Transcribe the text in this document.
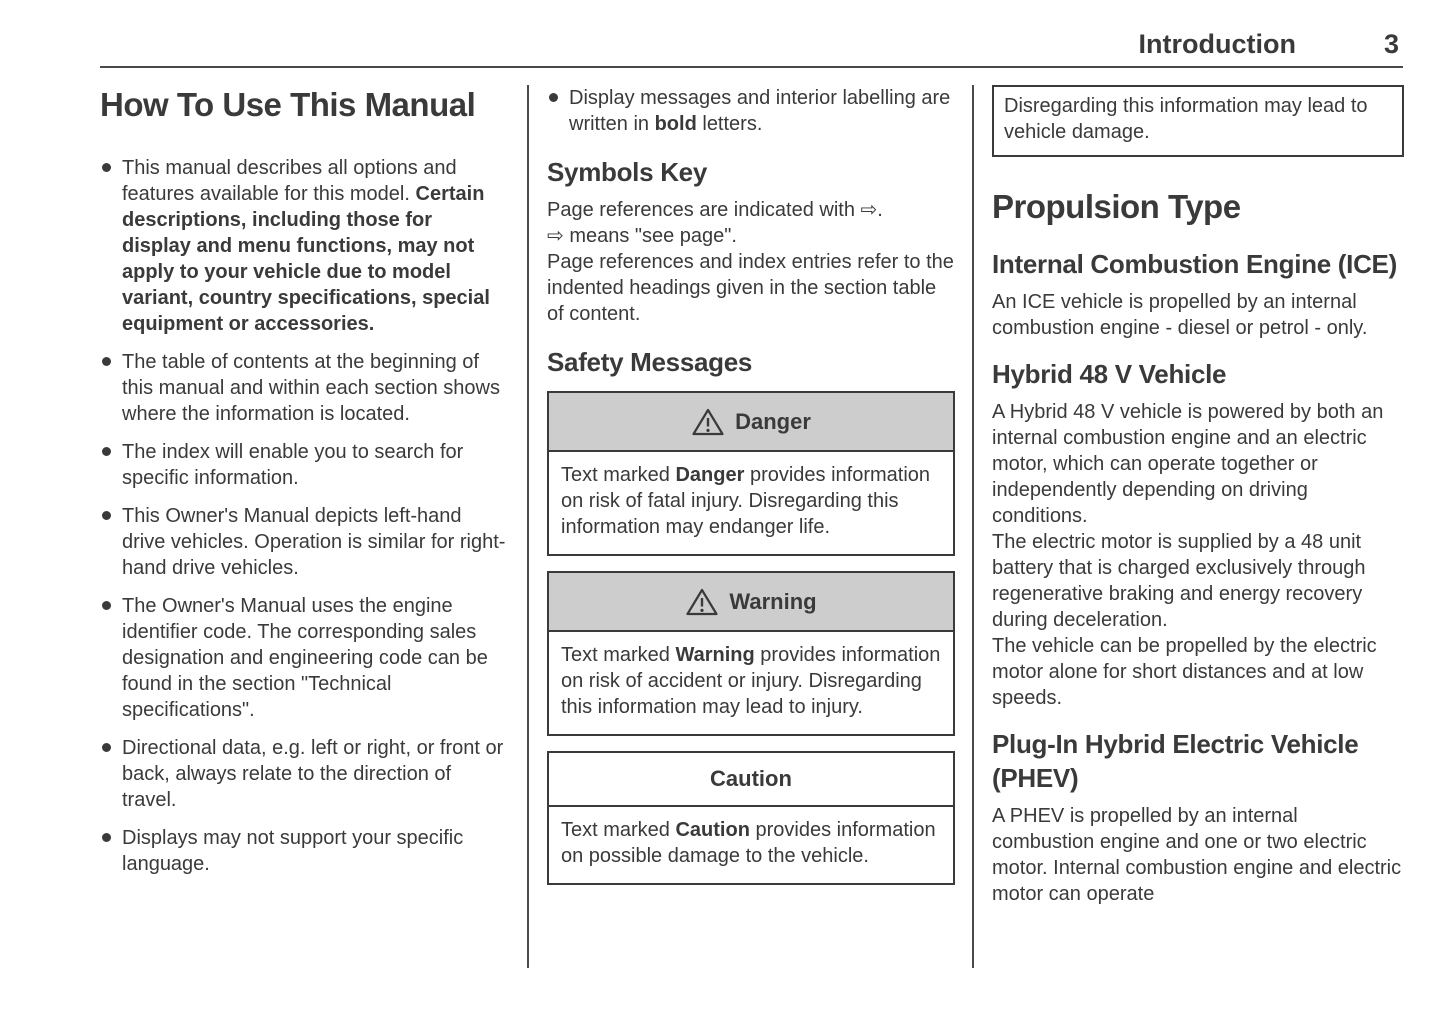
Introduction	3
How To Use This Manual
This manual describes all options and features available for this model. Certain descriptions, including those for display and menu functions, may not apply to your vehicle due to model variant, country specifications, special equipment or accessories.
The table of contents at the beginning of this manual and within each section shows where the information is located.
The index will enable you to search for specific information.
This Owner's Manual depicts left-hand drive vehicles. Operation is similar for right-hand drive vehicles.
The Owner's Manual uses the engine identifier code. The corresponding sales designation and engineering code can be found in the section "Technical specifications".
Directional data, e.g. left or right, or front or back, always relate to the direction of travel.
Displays may not support your specific language.
Display messages and interior labelling are written in bold letters.
Symbols Key

Page references are indicated with ⇨.

⇨ means "see page".

Page references and index entries refer to the indented headings given in the section table of content.

Safety Messages
Danger
Text marked Danger provides information on risk of fatal injury. Disregarding this information may endanger life.
Warning
Text marked Warning provides information on risk of accident or injury. Disregarding this information may lead to injury.
Caution
Text marked Caution provides information on possible damage to the vehicle.
Disregarding this information may lead to vehicle damage.
Propulsion Type
Internal Combustion Engine (ICE)

An ICE vehicle is propelled by an internal combustion engine - diesel or petrol - only.

Hybrid 48 V Vehicle

A Hybrid 48 V vehicle is powered by both an internal combustion engine and an electric motor, which can operate together or independently depending on driving conditions.

The electric motor is supplied by a 48 unit battery that is charged exclusively through regenerative braking and energy recovery during deceleration.

The vehicle can be propelled by the electric motor alone for short distances and at low speeds.

Plug-In Hybrid Electric Vehicle (PHEV)

A PHEV is propelled by an internal combustion engine and one or two electric motor. Internal combustion engine and electric motor can operate
